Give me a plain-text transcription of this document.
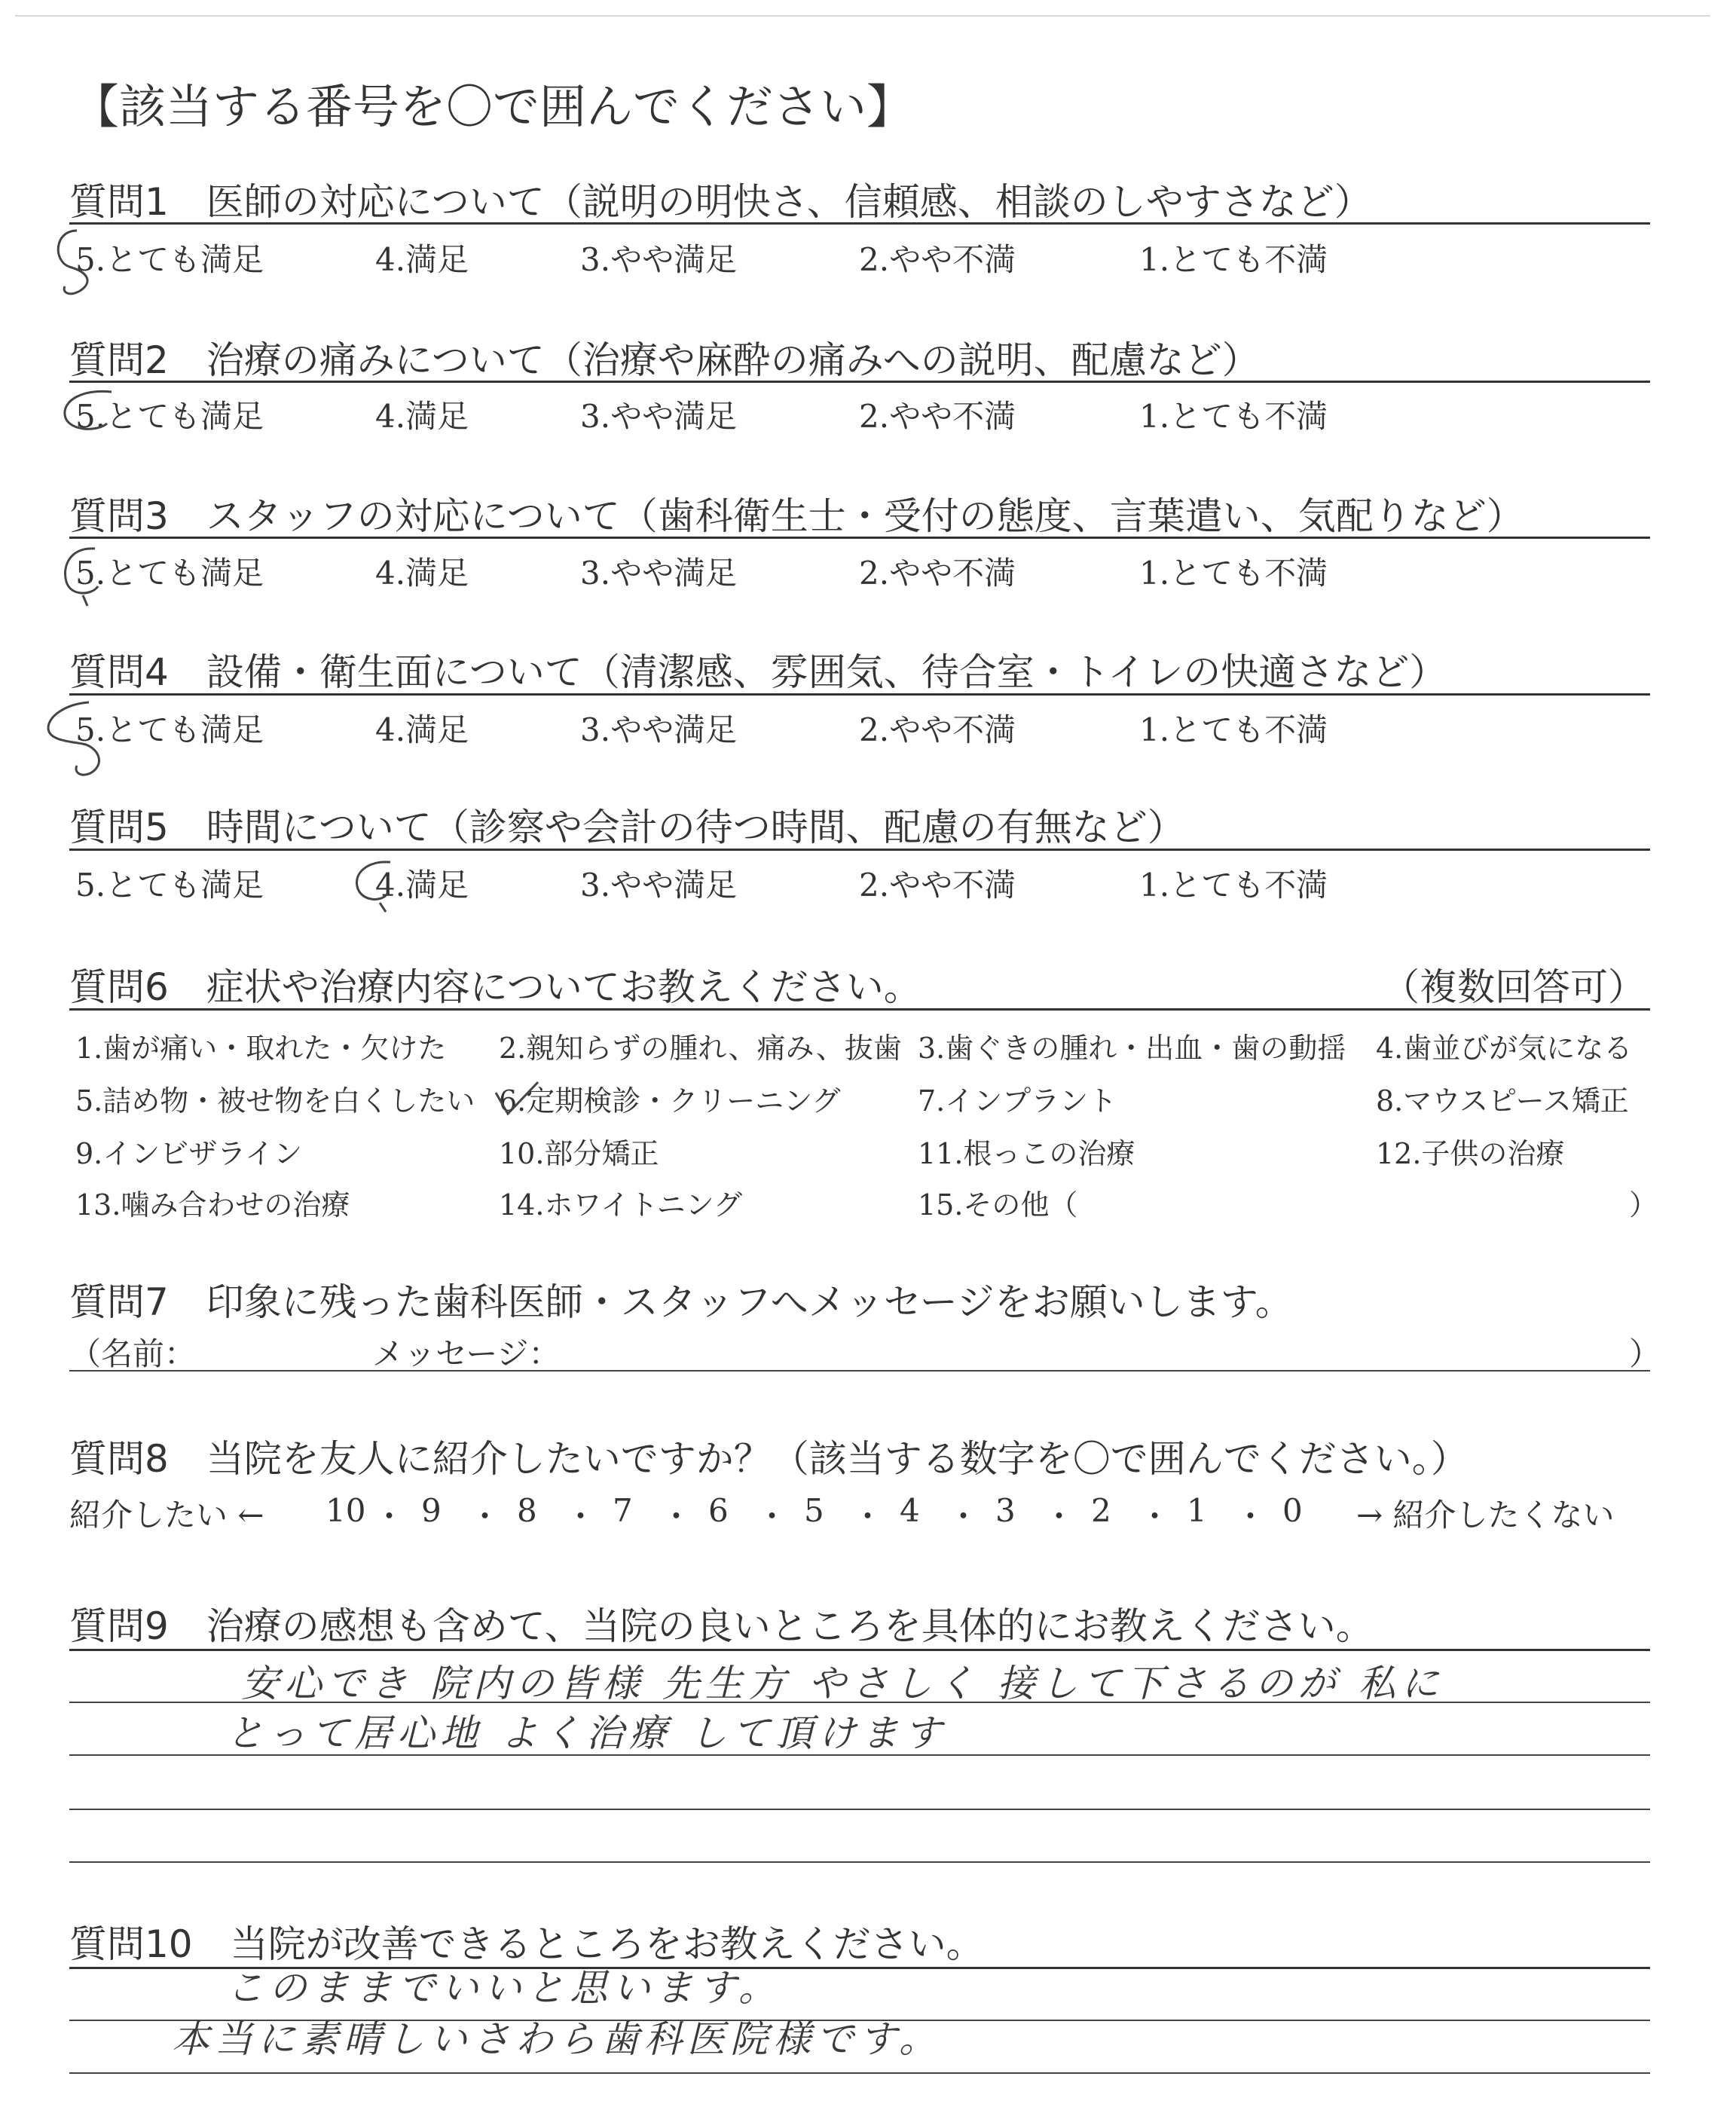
【該当する番号を〇で囲んでください】
質問1　医師の対応について（説明の明快さ、信頼感、相談のしやすさなど）
5.とても満足	4.満足	3.やや満足	2.やや不満	1.とても不満
質問2　治療の痛みについて（治療や麻酔の痛みへの説明、配慮など）
5.とても満足	4.満足	3.やや満足	2.やや不満	1.とても不満
質問3　スタッフの対応について（歯科衛生士・受付の態度、言葉遣い、気配りなど）
5.とても満足	4.満足	3.やや満足	2.やや不満	1.とても不満
質問4　設備・衛生面について（清潔感、雰囲気、待合室・トイレの快適さなど）
5.とても満足	4.満足	3.やや満足	2.やや不満	1.とても不満
質問5　時間について（診察や会計の待つ時間、配慮の有無など）
5.とても満足	4.満足	3.やや満足	2.やや不満	1.とても不満
質問6　症状や治療内容についてお教えください。	（複数回答可）
1.歯が痛い・取れた・欠けた 2.親知らずの腫れ、痛み、抜歯 3.歯ぐきの腫れ・出血・歯の動揺 4.歯並びが気になる
5.詰め物・被せ物を白くしたい 6.定期検診・クリーニング	7.インプラント	8.マウスピース矯正
9.インビザライン	10.部分矯正	11.根っこの治療	12.子供の治療
13.噛み合わせの治療	14.ホワイトニング	15.その他（	）
質問7　印象に残った歯科医師・スタッフへメッセージをお願いします。
（名前：	メッセージ：	）
質問8　当院を友人に紹介したいですか？（該当する数字を〇で囲んでください。）
紹介したい ←	→ 紹介したくない
10 ・ 9 ・ 8 ・ 7 ・ 6 ・ 5 ・ 4 ・ 3 ・ 2 ・ 1 ・ 0
質問9　治療の感想も含めて、当院の良いところを具体的にお教えください。
安心でき 院内の皆様 先生方 やさしく 接して下さるのが 私に
とって居心地 よく治療 して頂けます
質問10　当院が改善できるところをお教えください。
このままでいいと思います。
本当に素晴しいさわら歯科医院様です。
